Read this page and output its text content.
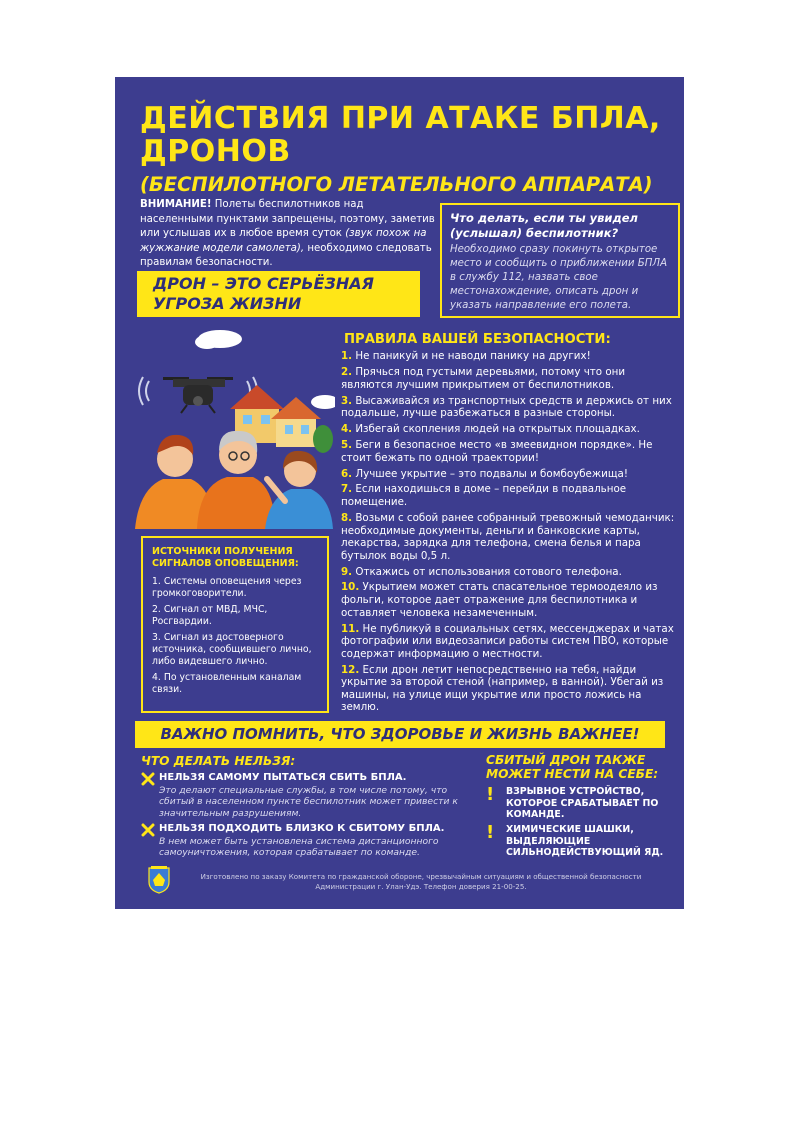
ДЕЙСТВИЯ ПРИ АТАКЕ БПЛА, ДРОНОВ
(БЕСПИЛОТНОГО ЛЕТАТЕЛЬНОГО АППАРАТА)
ВНИМАНИЕ! Полеты беспилотников над населенными пунктами запрещены, поэтому, заметив или услышав их в любое время суток (звук похож на жужжание модели самолета), необходимо следовать правилам безопасности.
ДРОН – ЭТО СЕРЬЁЗНАЯ УГРОЗА ЖИЗНИ
Что делать, если ты увидел (услышал) беспилотник?
Необходимо сразу покинуть открытое место и сообщить о приближении БПЛА в службу 112, назвать свое местонахождение, описать дрон и указать направление его полета.
ИСТОЧНИКИ ПОЛУЧЕНИЯ СИГНАЛОВ ОПОВЕЩЕНИЯ:
1. Системы оповещения через громкоговорители.
2. Сигнал от МВД, МЧС, Росгвардии.
3. Сигнал из достоверного источника, сообщившего лично, либо видевшего лично.
4. По установленным каналам связи.
ПРАВИЛА ВАШЕЙ БЕЗОПАСНОСТИ:
1. Не паникуй и не наводи панику на других!
2. Прячься под густыми деревьями, потому что они являются лучшим прикрытием от беспилотников.
3. Высаживайся из транспортных средств и держись от них подальше, лучше разбежаться в разные стороны.
4. Избегай скопления людей на открытых площадках.
5. Беги в безопасное место «в змеевидном порядке». Не стоит бежать по одной траектории!
6. Лучшее укрытие – это подвалы и бомбоубежища!
7. Если находишься в доме – перейди в подвальное помещение.
8. Возьми с собой ранее собранный тревожный чемоданчик: необходимые документы, деньги и банковские карты, лекарства, зарядка для телефона, смена белья и пара бутылок воды 0,5 л.
9. Откажись от использования сотового телефона.
10. Укрытием может стать спасательное термоодеяло из фольги, которое дает отражение для беспилотника и оставляет человека незамеченным.
11. Не публикуй в социальных сетях, мессенджерах и чатах фотографии или видеозаписи работы систем ПВО, которые содержат информацию о местности.
12. Если дрон летит непосредственно на тебя, найди укрытие за второй стеной (например, в ванной). Убегай из машины, на улице ищи укрытие или просто ложись на землю.
ВАЖНО ПОМНИТЬ, ЧТО ЗДОРОВЬЕ И ЖИЗНЬ ВАЖНЕЕ!
ЧТО ДЕЛАТЬ НЕЛЬЗЯ:
НЕЛЬЗЯ САМОМУ ПЫТАТЬСЯ СБИТЬ БПЛА.
Это делают специальные службы, в том числе потому, что сбитый в населенном пункте беспилотник может привести к значительным разрушениям.
НЕЛЬЗЯ ПОДХОДИТЬ БЛИЗКО К СБИТОМУ БПЛА.
В нем может быть установлена система дистанционного самоуничтожения, которая срабатывает по команде.
СБИТЫЙ ДРОН ТАКЖЕ МОЖЕТ НЕСТИ НА СЕБЕ:
! ВЗРЫВНОЕ УСТРОЙСТВО, КОТОРОЕ СРАБАТЫВАЕТ ПО КОМАНДЕ.
! ХИМИЧЕСКИЕ ШАШКИ, ВЫДЕЛЯЮЩИЕ СИЛЬНОДЕЙСТВУЮЩИЙ ЯД.
Изготовлено по заказу Комитета по гражданской обороне, чрезвычайным ситуациям и общественной безопасности
Администрации г. Улан-Удэ. Телефон доверия 21-00-25.
